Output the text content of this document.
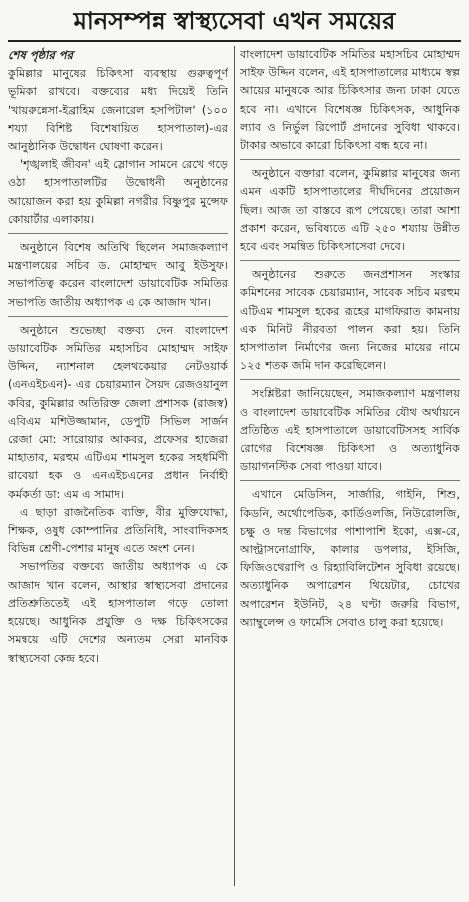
মানসম্পন্ন স্বাস্থ্যসেবা এখন সময়ের
শেষ পৃষ্ঠার পর

কুমিল্লার মানুষের চিকিৎসা ব্যবস্থায় গুরুত্বপূর্ণ ভূমিকা রাখবে। বক্তব্যের মধ্য দিয়েই তিনি 'খায়রুন্নেসা-ইব্রাহিম জেনারেল হসপিটাল' (১০০ শয্যা বিশিষ্ট বিশেষায়িত হাসপাতাল)-এর আনুষ্ঠানিক উদ্বোধন ঘোষণা করেন।

'শৃঙ্খলাই জীবন' এই স্লোগান সামনে রেখে গড়ে ওঠা হাসপাতালটির উদ্বোধনী অনুষ্ঠানের আয়োজন করা হয় কুমিল্লা নগরীর বিষ্ণুপুর মুন্সেফ কোয়ার্টার এলাকায়।

অনুষ্ঠানে বিশেষ অতিথি ছিলেন সমাজকল্যাণ মন্ত্রণালয়ের সচিব ড. মোহাম্মদ আবু ইউসুফ। সভাপতিত্ব করেন বাংলাদেশ ডায়াবেটিক সমিতির সভাপতি জাতীয় অধ্যাপক এ কে আজাদ খান।

অনুষ্ঠানে শুভেচ্ছা বক্তব্য দেন বাংলাদেশ ডায়াবেটিক সমিতির মহাসচিব মোহাম্মদ সাইফ উদ্দিন, ন্যাশনাল হেলথকেয়ার নেটওয়ার্ক (এনএইচএন)- এর চেয়ারম্যান সৈয়দ রেজওয়ানুল কবির, কুমিল্লার অতিরিক্ত জেলা প্রশাসক (রাজস্ব) এবিএম মশিউজ্জামান, ডেপুটি সিভিল সার্জন রেজা মো: সারোয়ার আকবর, প্রফেসর হাজেরা মাহাতাব, মরহুম এটিএম শামসুল হকের সহধর্মিণী রাবেয়া হক ও এনএইচএনের প্রধান নির্বাহী কর্মকর্তা ডা: এম এ সামাদ।

এ ছাড়া রাজনৈতিক ব্যক্তি, বীর মুক্তিযোদ্ধা, শিক্ষক, ওষুধ কোম্পানির প্রতিনিধি, সাংবাদিকসহ বিভিন্ন শ্রেণী-পেশার মানুষ এতে অংশ নেন।

সভাপতির বক্তব্যে জাতীয় অধ্যাপক এ কে আজাদ খান বলেন, আস্থার স্বাস্থ্যসেবা প্রদানের প্রতিশ্রুতিতেই এই হাসপাতাল গড়ে তোলা হয়েছে। আধুনিক প্রযুক্তি ও দক্ষ চিকিৎসকের সমন্বয়ে এটি দেশের অন্যতম সেরা মানবিক স্বাস্থ্যসেবা কেন্দ্র হবে।

বাংলাদেশ ডায়াবেটিক সমিতির মহাসচিব মোহাম্মদ সাইফ উদ্দিন বলেন, এই হাসপাতালের মাধ্যমে স্বল্প আয়ের মানুষকে আর চিকিৎসার জন্য ঢাকা যেতে হবে না। এখানে বিশেষজ্ঞ চিকিৎসক, আধুনিক ল্যাব ও নির্ভুল রিপোর্ট প্রদানের সুবিধা থাকবে। টাকার অভাবে কারো চিকিৎসা বন্ধ হবে না।

অনুষ্ঠানে বক্তারা বলেন, কুমিল্লার মানুষের জন্য এমন একটি হাসপাতালের দীর্ঘদিনের প্রয়োজন ছিল। আজ তা বাস্তবে রূপ পেয়েছে। তারা আশা প্রকাশ করেন, ভবিষ্যতে এটি ২৫০ শয্যায় উন্নীত হবে এবং সমন্বিত চিকিৎসাসেবা দেবে।

অনুষ্ঠানের শুরুতে জনপ্রশাসন সংস্কার কমিশনের সাবেক চেয়ারম্যান, সাবেক সচিব মরহুম এটিএম শামসুল হকের রূহের মাগফিরাত কামনায় এক মিনিট নীরবতা পালন করা হয়। তিনি হাসপাতাল নির্মাণের জন্য নিজের মায়ের নামে ১২৫ শতক জমি দান করেছিলেন।

সংশ্লিষ্টরা জানিয়েছেন, সমাজকল্যাণ মন্ত্রণালয় ও বাংলাদেশ ডায়াবেটিক সমিতির যৌথ অর্থায়নে প্রতিষ্ঠিত এই হাসপাতালে ডায়াবেটিসসহ সার্বিক রোগের বিশেষজ্ঞ চিকিৎসা ও অত্যাধুনিক ডায়াগনস্টিক সেবা পাওয়া যাবে।

এখানে মেডিসিন, সার্জারি, গাইনি, শিশু, কিডনি, অর্থোপেডিক, কার্ডিওলজি, নিউরোলজি, চক্ষু ও দন্ত বিভাগের পাশাপাশি ইকো, এক্স-রে, আল্ট্রাসনোগ্রাফি, কালার ডপলার, ইসিজি, ফিজিওথেরাপি ও রিহ্যাবিলিটেশন সুবিধা রয়েছে। অত্যাধুনিক অপারেশন থিয়েটার, চোখের অপারেশন ইউনিট, ২৪ ঘণ্টা জরুরি বিভাগ, অ্যাম্বুলেন্স ও ফার্মেসি সেবাও চালু করা হয়েছে।
